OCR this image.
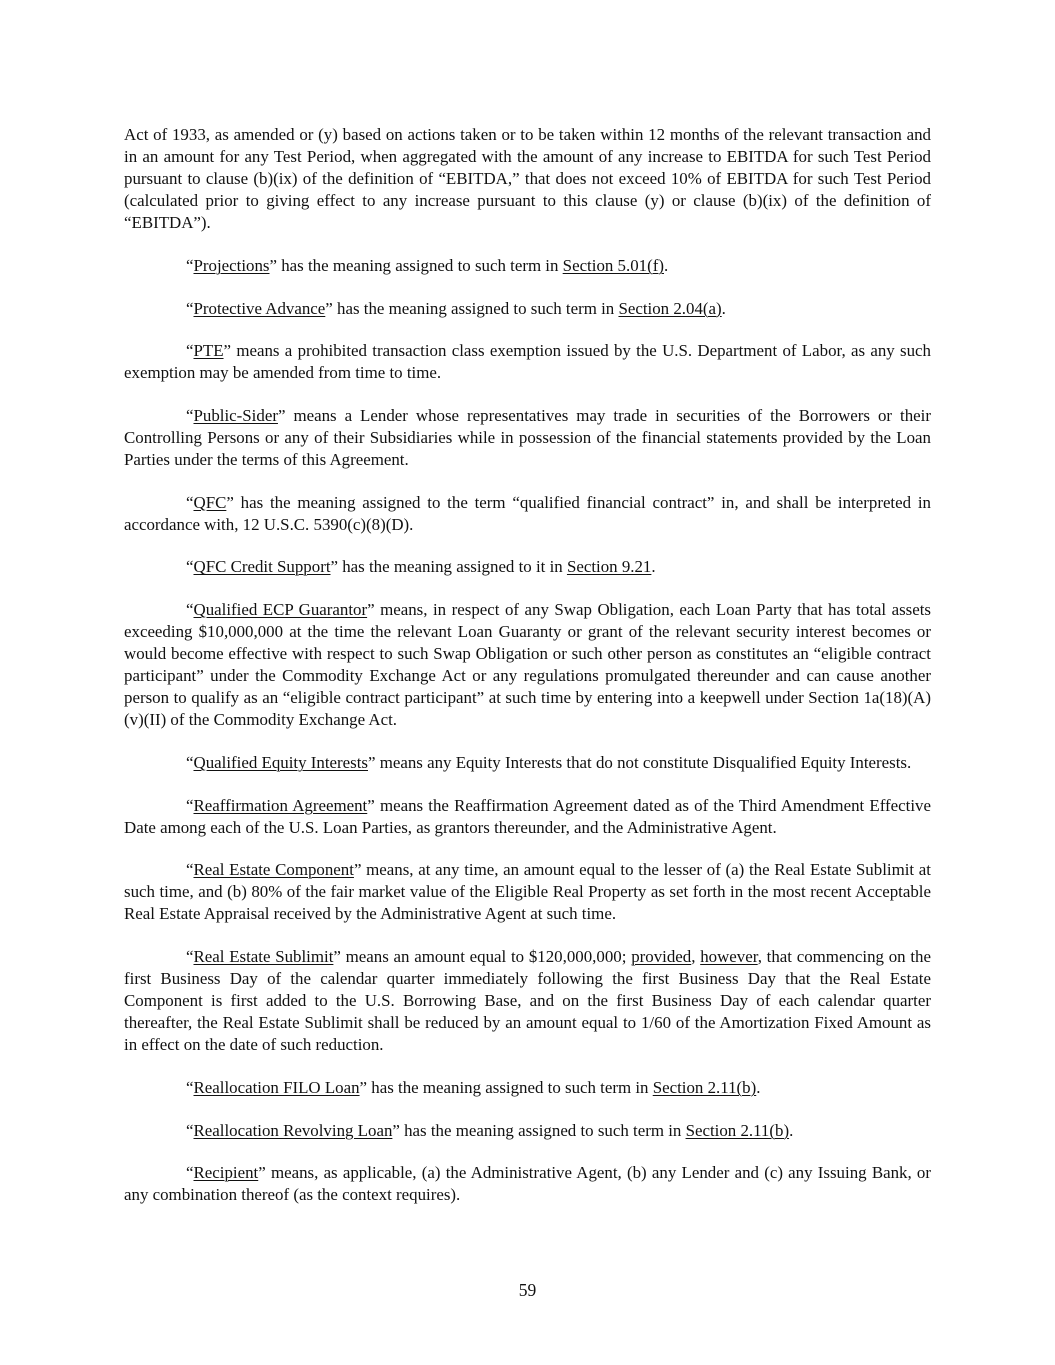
Act of 1933, as amended or (y) based on actions taken or to be taken within 12 months of the relevant transaction and in an amount for any Test Period, when aggregated with the amount of any increase to EBITDA for such Test Period pursuant to clause (b)(ix) of the definition of “EBITDA,” that does not exceed 10% of EBITDA for such Test Period (calculated prior to giving effect to any increase pursuant to this clause (y) or clause (b)(ix) of the definition of “EBITDA”).

“Projections” has the meaning assigned to such term in Section 5.01(f).

“Protective Advance” has the meaning assigned to such term in Section 2.04(a).

“PTE” means a prohibited transaction class exemption issued by the U.S. Department of Labor, as any such exemption may be amended from time to time.

“Public-Sider” means a Lender whose representatives may trade in securities of the Borrowers or their Controlling Persons or any of their Subsidiaries while in possession of the financial statements provided by the Loan Parties under the terms of this Agreement.

“QFC” has the meaning assigned to the term “qualified financial contract” in, and shall be interpreted in accordance with, 12 U.S.C. 5390(c)(8)(D).

“QFC Credit Support” has the meaning assigned to it in Section 9.21.

“Qualified ECP Guarantor” means, in respect of any Swap Obligation, each Loan Party that has total assets exceeding $10,000,000 at the time the relevant Loan Guaranty or grant of the relevant security interest becomes or would become effective with respect to such Swap Obligation or such other person as constitutes an “eligible contract participant” under the Commodity Exchange Act or any regulations promulgated thereunder and can cause another person to qualify as an “eligible contract participant” at such time by entering into a keepwell under Section 1a(18)(A)(v)(II) of the Commodity Exchange Act.

“Qualified Equity Interests” means any Equity Interests that do not constitute Disqualified Equity Interests.

“Reaffirmation Agreement” means the Reaffirmation Agreement dated as of the Third Amendment Effective Date among each of the U.S. Loan Parties, as grantors thereunder, and the Administrative Agent.

“Real Estate Component” means, at any time, an amount equal to the lesser of (a) the Real Estate Sublimit at such time, and (b) 80% of the fair market value of the Eligible Real Property as set forth in the most recent Acceptable Real Estate Appraisal received by the Administrative Agent at such time.

“Real Estate Sublimit” means an amount equal to $120,000,000; provided, however, that commencing on the first Business Day of the calendar quarter immediately following the first Business Day that the Real Estate Component is first added to the U.S. Borrowing Base, and on the first Business Day of each calendar quarter thereafter, the Real Estate Sublimit shall be reduced by an amount equal to 1/60 of the Amortization Fixed Amount as in effect on the date of such reduction.

“Reallocation FILO Loan” has the meaning assigned to such term in Section 2.11(b).

“Reallocation Revolving Loan” has the meaning assigned to such term in Section 2.11(b).

“Recipient” means, as applicable, (a) the Administrative Agent, (b) any Lender and (c) any Issuing Bank, or any combination thereof (as the context requires).

59
